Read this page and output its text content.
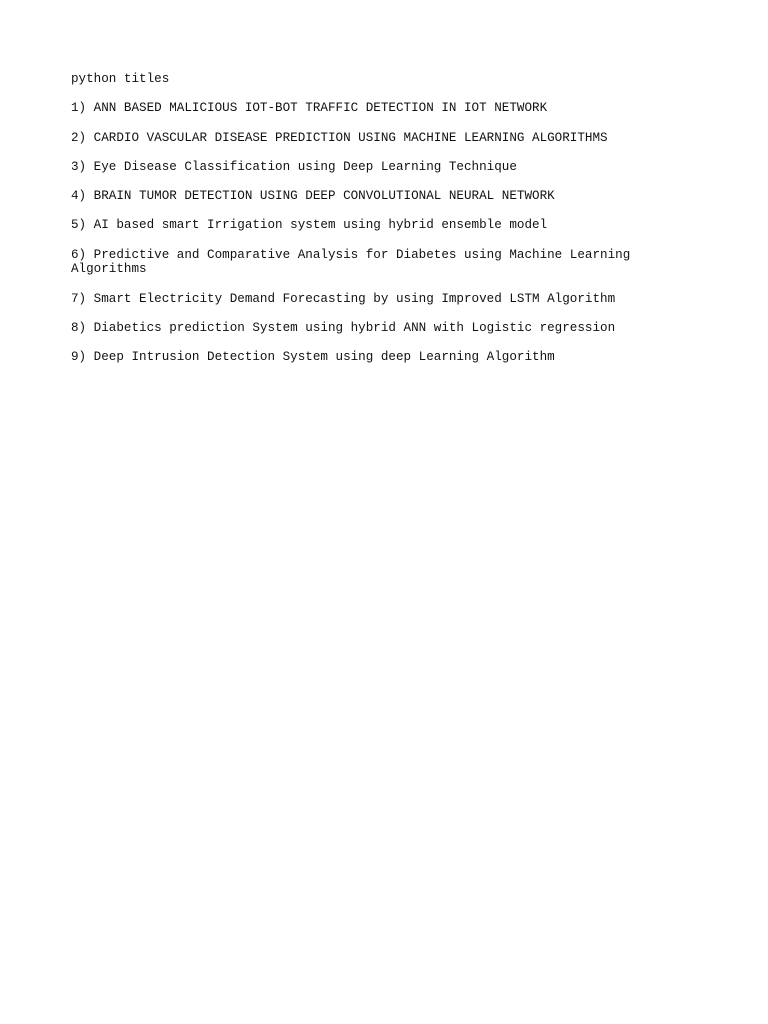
python titles
1) ANN BASED MALICIOUS IOT-BOT TRAFFIC DETECTION IN IOT NETWORK
2) CARDIO VASCULAR DISEASE PREDICTION USING MACHINE LEARNING ALGORITHMS
3) Eye Disease Classification using Deep Learning Technique
4) BRAIN TUMOR DETECTION USING DEEP CONVOLUTIONAL NEURAL NETWORK
5) AI based smart Irrigation system using hybrid ensemble model
6) Predictive and Comparative Analysis for Diabetes using Machine Learning
Algorithms
7) Smart Electricity Demand Forecasting by using Improved LSTM Algorithm
8) Diabetics prediction System using hybrid ANN with Logistic regression
9) Deep Intrusion Detection System using deep Learning Algorithm
